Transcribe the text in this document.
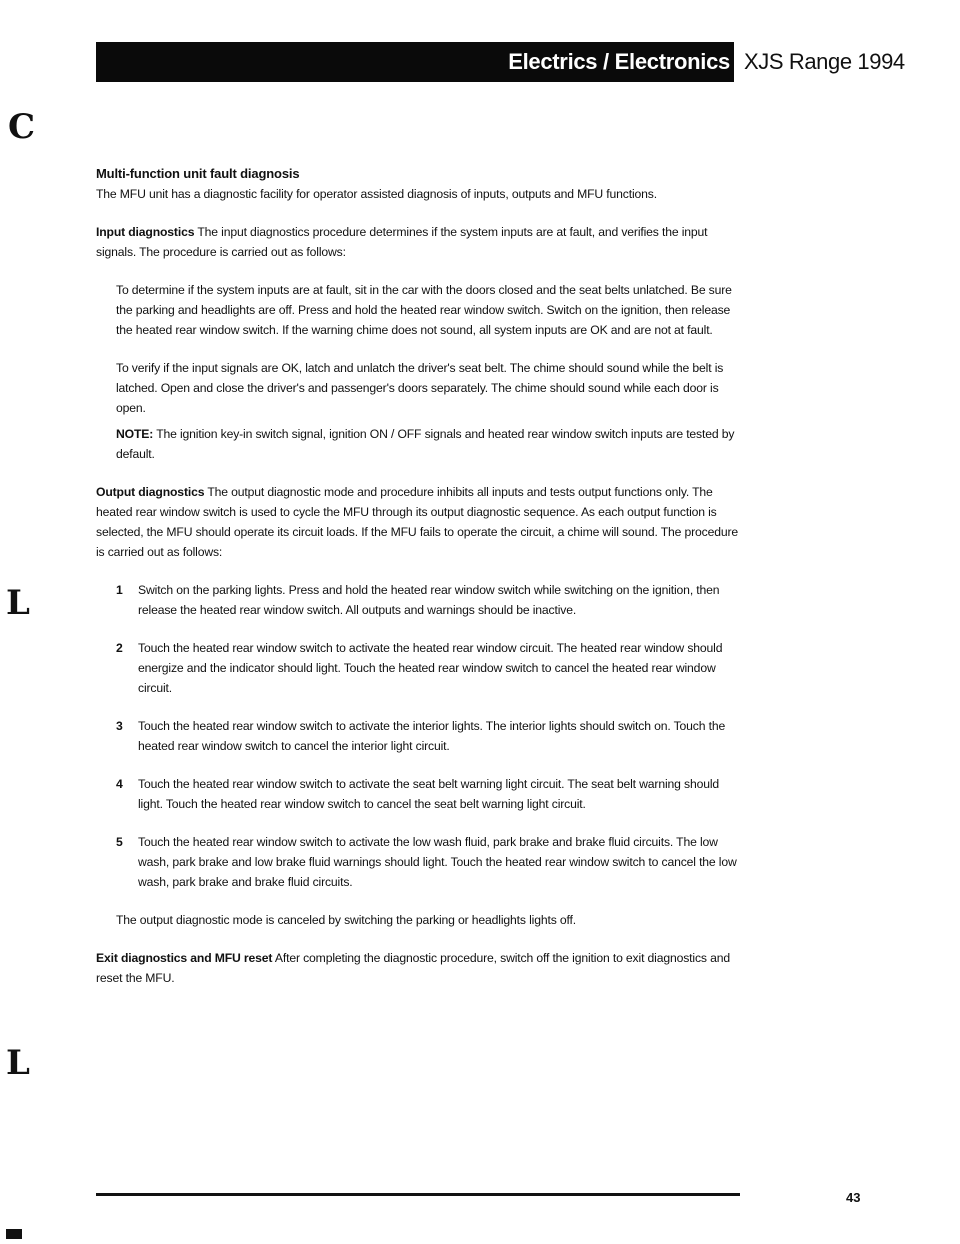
Electrics / Electronics XJS Range 1994
C
L
L

Multi-function unit fault diagnosis

The MFU unit has a diagnostic facility for operator assisted diagnosis of inputs, outputs and MFU functions.

Input diagnostics The input diagnostics procedure determines if the system inputs are at fault, and verifies the input signals. The procedure is carried out as follows:

To determine if the system inputs are at fault, sit in the car with the doors closed and the seat belts unlatched. Be sure the parking and headlights are off. Press and hold the heated rear window switch. Switch on the ignition, then release the heated rear window switch. If the warning chime does not sound, all system inputs are OK and are not at fault.

To verify if the input signals are OK, latch and unlatch the driver's seat belt. The chime should sound while the belt is latched. Open and close the driver's and passenger's doors separately. The chime should sound while each door is open.

NOTE: The ignition key-in switch signal, ignition ON / OFF signals and heated rear window switch inputs are tested by default.

Output diagnostics The output diagnostic mode and procedure inhibits all inputs and tests output functions only. The heated rear window switch is used to cycle the MFU through its output diagnostic sequence. As each output function is selected, the MFU should operate its circuit loads. If the MFU fails to operate the circuit, a chime will sound. The procedure is carried out as follows:

1	Switch on the parking lights. Press and hold the heated rear window switch while switching on the ignition, then release the heated rear window switch. All outputs and warnings should be inactive.
2	Touch the heated rear window switch to activate the heated rear window circuit. The heated rear window should energize and the indicator should light. Touch the heated rear window switch to cancel the heated rear window circuit.
3	Touch the heated rear window switch to activate the interior lights. The interior lights should switch on. Touch the heated rear window switch to cancel the interior light circuit.
4	Touch the heated rear window switch to activate the seat belt warning light circuit. The seat belt warning should light. Touch the heated rear window switch to cancel the seat belt warning light circuit.
5	Touch the heated rear window switch to activate the low wash fluid, park brake and brake fluid circuits. The low wash, park brake and low brake fluid warnings should light. Touch the heated rear window switch to cancel the low wash, park brake and brake fluid circuits.

The output diagnostic mode is canceled by switching the parking or headlights lights off.

Exit diagnostics and MFU reset After completing the diagnostic procedure, switch off the ignition to exit diagnostics and reset the MFU.

43
